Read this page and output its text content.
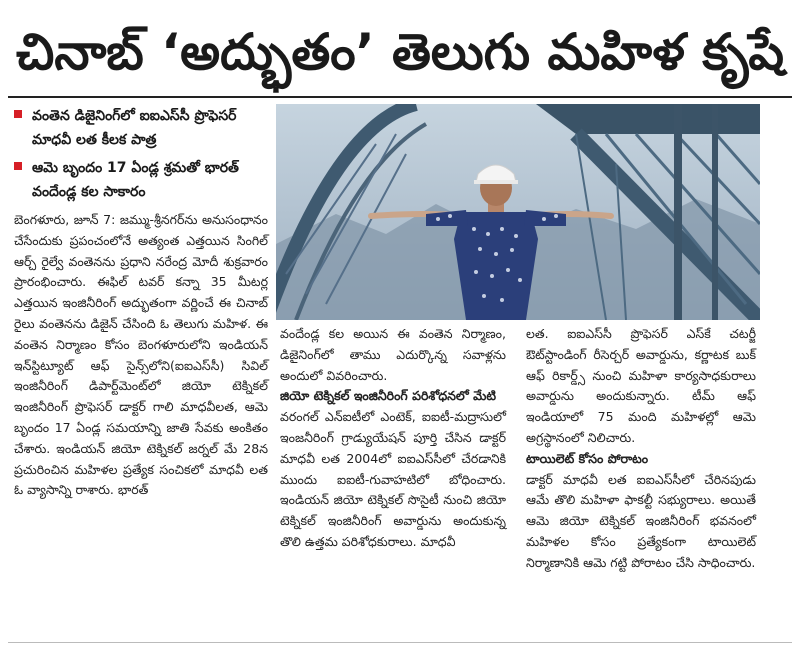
చినాబ్ ‘అద్భుతం’ తెలుగు మహిళ కృషే
వంతెన డిజైనింగ్‌లో ఐఐఎస్‌సీ ప్రొఫెసర్ మాధవీ లత కీలక పాత్ర
ఆమె బృందం 17 ఏండ్ల శ్రమతో భారత్ వందేండ్ల కల సాకారం

బెంగళూరు, జూన్ 7: జమ్ము-శ్రీనగర్‌ను అనుసంధానం చేసేందుకు ప్రపంచంలోనే అత్యంత ఎత్తయిన సింగిల్ ఆర్చ్ రైల్వే వంతెనను ప్రధాని నరేంద్ర మోదీ శుక్రవారం ప్రారంభించారు. ఈఫిల్ టవర్ కన్నా 35 మీటర్ల ఎత్తయిన ఇంజినీరింగ్ అద్భుతంగా వర్ణించే ఈ చినాబ్ రైలు వంతెనను డిజైన్ చేసింది ఓ తెలుగు మహిళ. ఈ వంతెన నిర్మాణం కోసం బెంగళూరులోని ఇండియన్ ఇన్‌స్టిట్యూట్ ఆఫ్ సైన్స్‌లోని(ఐఐఎస్‌సీ) సివిల్ ఇంజినీరింగ్ డిపార్ట్‌మెంట్‌లో జియో టెక్నికల్ ఇంజినీరింగ్ ప్రొఫెసర్ డాక్టర్ గాలి మాధవీలత, ఆమె బృందం 17 ఏండ్ల సమయాన్ని జాతి సేవకు అంకితం చేశారు. ఇండియన్ జియో టెక్నికల్ జర్నల్ మే 28న ప్రచురించిన మహిళల ప్రత్యేక సంచికలో మాధవీ లత ఓ వ్యాసాన్ని రాశారు. భారత్

వందేండ్ల కల అయిన ఈ వంతెన నిర్మాణం, డిజైనింగ్‌లో తాము ఎదుర్కొన్న సవాళ్లను అందులో వివరించారు.

జియో టెక్నికల్ ఇంజినీరింగ్ పరిశోధనలో మేటి

వరంగల్ ఎన్ఐటీలో ఎంటెక్, ఐఐటీ-మద్రాసులో ఇంజనీరింగ్ గ్రాడ్యుయేషన్ పూర్తి చేసిన డాక్టర్ మాధవీ లత 2004లో ఐఐఎస్‌సీలో చేరడానికి ముందు ఐఐటీ-గువాహటిలో బోధించారు. ఇండియన్ జియో టెక్నికల్ సొసైటీ నుంచి జియో టెక్నికల్ ఇంజినీరింగ్ అవార్డును అందుకున్న తొలి ఉత్తమ పరిశోధకురాలు. మాధవీ

లత. ఐఐఎస్‌సీ ప్రొఫెసర్ ఎస్‌కే చటర్జీ ఔట్‌స్టాండింగ్ రీసెర్చర్ అవార్డును, కర్ణాటక బుక్ ఆఫ్ రికార్డ్స్ నుంచి మహిళా కార్యసాధకురాలు అవార్డును అందుకున్నారు. టీమ్ ఆఫ్ ఇండియాలో 75 మంది మహిళల్లో ఆమె అగ్రస్థానంలో నిలిచారు.

టాయిలెట్ కోసం పోరాటం

డాక్టర్ మాధవీ లత ఐఐఎస్‌సీలో చేరినపుడు ఆమే తొలి మహిళా ఫాకల్టీ సభ్యురాలు. అయితే ఆమె జియో టెక్నికల్ ఇంజినీరింగ్ భవనంలో మహిళల కోసం ప్రత్యేకంగా టాయిలెట్ నిర్మాణానికి ఆమె గట్టి పోరాటం చేసి సాధించారు.
